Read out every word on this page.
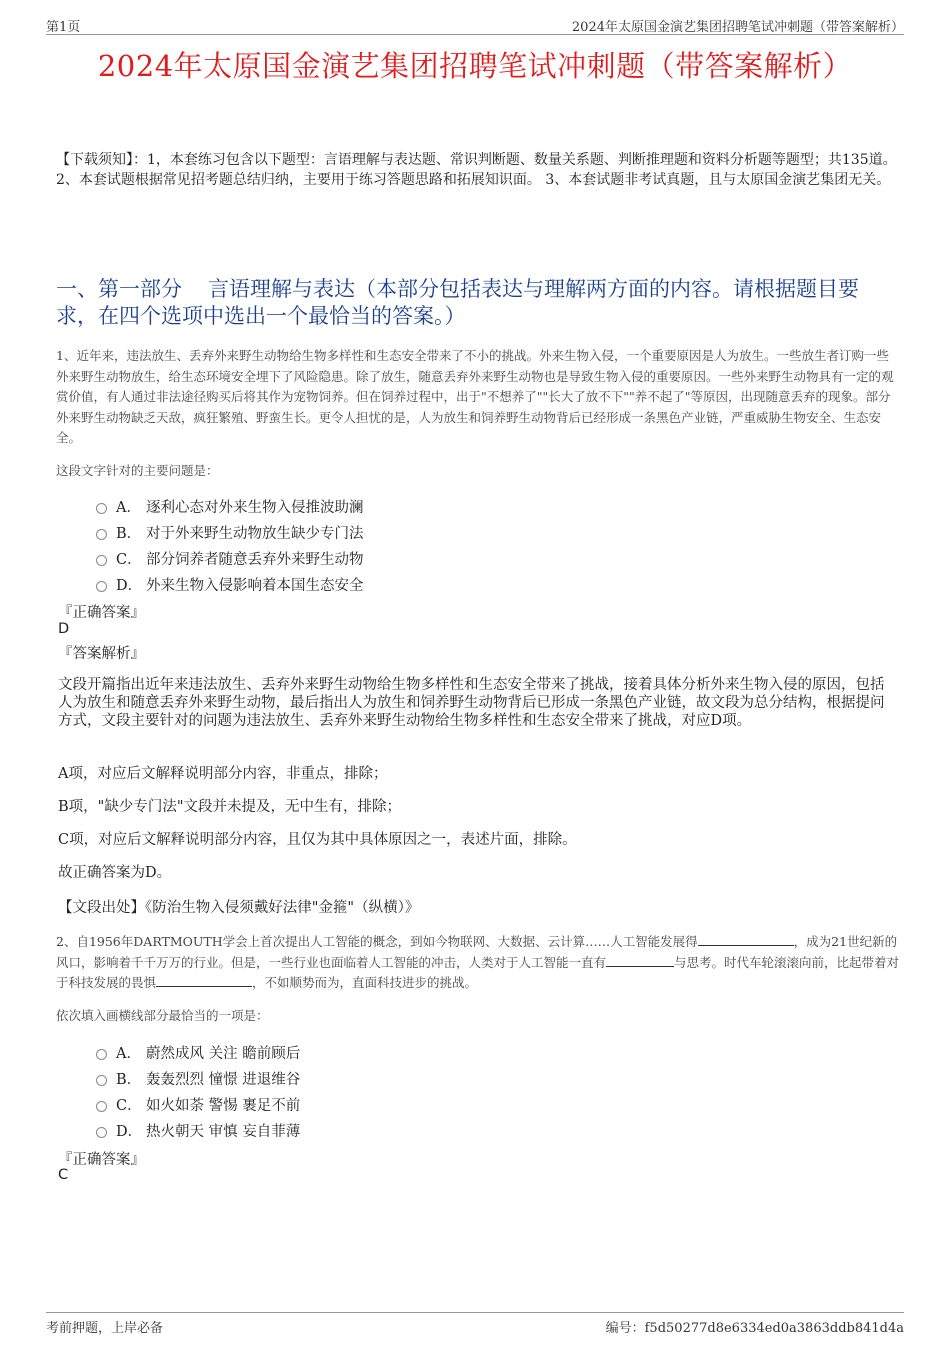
第1页	2024年太原国金演艺集团招聘笔试冲刺题（带答案解析）
2024年太原国金演艺集团招聘笔试冲刺题（带答案解析）
【下载须知】：1，本套练习包含以下题型：言语理解与表达题、常识判断题、数量关系题、判断推理题和资料分析题等题型；共135道。 2、本套试题根据常见招考题总结归纳，主要用于练习答题思路和拓展知识面。 3、本套试题非考试真题，且与太原国金演艺集团无关。
一、第一部分 言语理解与表达（本部分包括表达与理解两方面的内容。请根据题目要求，在四个选项中选出一个最恰当的答案。）
1、近年来，违法放生、丢弃外来野生动物给生物多样性和生态安全带来了不小的挑战。外来生物入侵，一个重要原因是人为放生。一些放生者订购一些外来野生动物放生，给生态环境安全埋下了风险隐患。除了放生，随意丢弃外来野生动物也是导致生物入侵的重要原因。一些外来野生动物具有一定的观赏价值，有人通过非法途径购买后将其作为宠物饲养。但在饲养过程中，出于"不想养了""长大了放不下""养不起了"等原因，出现随意丢弃的现象。部分外来野生动物缺乏天敌，疯狂繁殖、野蛮生长。更令人担忧的是，人为放生和饲养野生动物背后已经形成一条黑色产业链，严重威胁生物安全、生态安全。
这段文字针对的主要问题是：
A． 逐利心态对外来生物入侵推波助澜
B． 对于外来野生动物放生缺少专门法
C． 部分饲养者随意丢弃外来野生动物
D． 外来生物入侵影响着本国生态安全
『正确答案』
D
『答案解析』
文段开篇指出近年来违法放生、丢弃外来野生动物给生物多样性和生态安全带来了挑战，接着具体分析外来生物入侵的原因，包括人为放生和随意丢弃外来野生动物，最后指出人为放生和饲养野生动物背后已形成一条黑色产业链，故文段为总分结构，根据提问方式，文段主要针对的问题为违法放生、丢弃外来野生动物给生物多样性和生态安全带来了挑战，对应D项。
A项，对应后文解释说明部分内容，非重点，排除；
B项，"缺少专门法"文段并未提及，无中生有，排除；
C项，对应后文解释说明部分内容，且仅为其中具体原因之一，表述片面，排除。
故正确答案为D。
【文段出处】《防治生物入侵须戴好法律"金箍"（纵横）》
2、自1956年DARTMOUTH学会上首次提出人工智能的概念，到如今物联网、大数据、云计算……人工智能发展得	，成为21世纪新的风口，影响着千千万万的行业。但是，一些行业也面临着人工智能的冲击，人类对于人工智能一直有	与思考。时代车轮滚滚向前，比起带着对于科技发展的畏惧	，不如顺势而为，直面科技进步的挑战。
依次填入画横线部分最恰当的一项是：
A． 蔚然成风 关注 瞻前顾后
B． 轰轰烈烈 憧憬 进退维谷
C． 如火如荼 警惕 裹足不前
D． 热火朝天 审慎 妄自菲薄
『正确答案』
C
考前押题，上岸必备	编号：f5d50277d8e6334ed0a3863ddb841d4a
